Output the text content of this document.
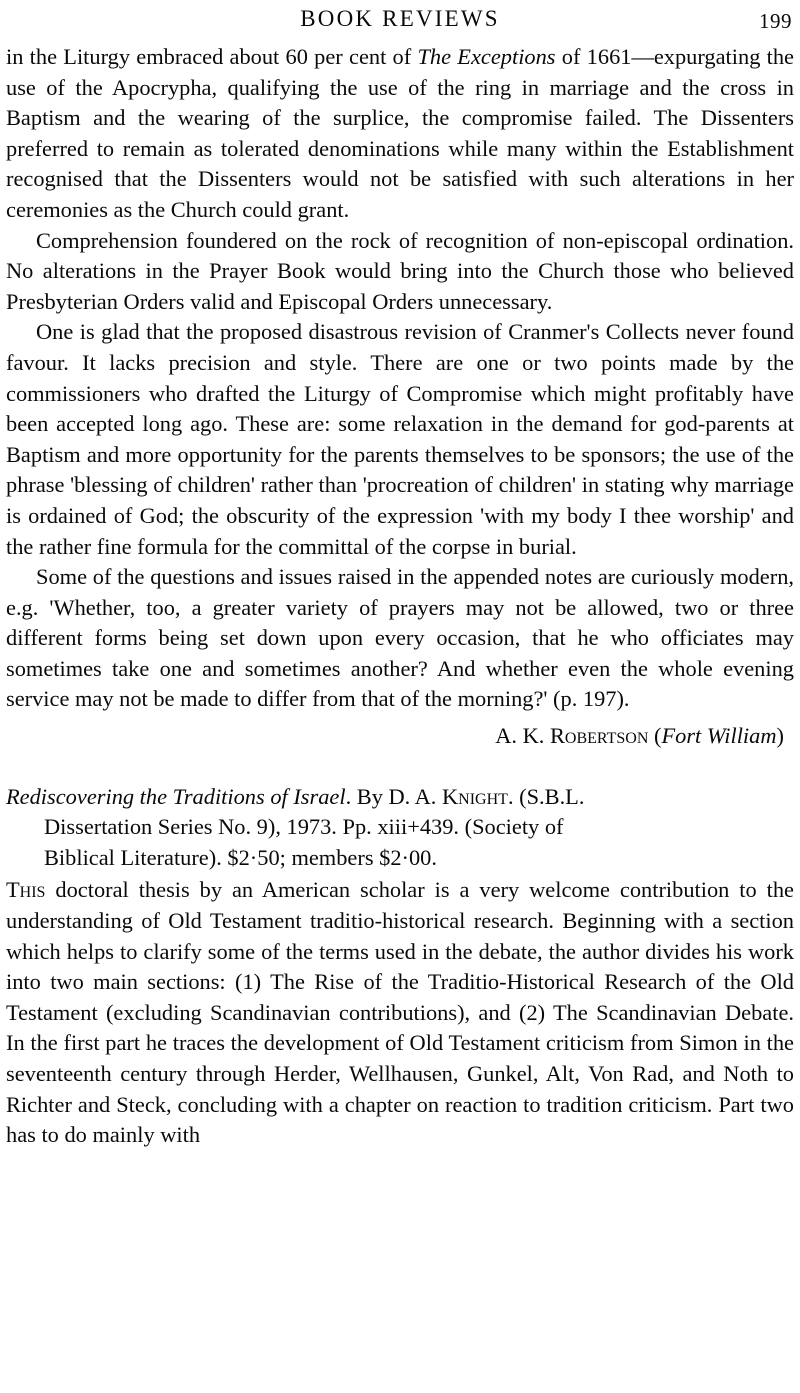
BOOK REVIEWS	199

in the Liturgy embraced about 60 per cent of The Exceptions of 1661—expurgating the use of the Apocrypha, qualifying the use of the ring in marriage and the cross in Baptism and the wearing of the surplice, the compromise failed. The Dissenters preferred to remain as tolerated denominations while many within the Establishment recognised that the Dissenters would not be satisfied with such alterations in her ceremonies as the Church could grant.

Comprehension foundered on the rock of recognition of non-episcopal ordination. No alterations in the Prayer Book would bring into the Church those who believed Presbyterian Orders valid and Episcopal Orders unnecessary.

One is glad that the proposed disastrous revision of Cranmer's Collects never found favour. It lacks precision and style. There are one or two points made by the commissioners who drafted the Liturgy of Compromise which might profitably have been accepted long ago. These are: some relaxation in the demand for god-parents at Baptism and more opportunity for the parents themselves to be sponsors; the use of the phrase 'blessing of children' rather than 'procreation of children' in stating why marriage is ordained of God; the obscurity of the expression 'with my body I thee worship' and the rather fine formula for the committal of the corpse in burial.

Some of the questions and issues raised in the appended notes are curiously modern, e.g. 'Whether, too, a greater variety of prayers may not be allowed, two or three different forms being set down upon every occasion, that he who officiates may sometimes take one and sometimes another? And whether even the whole evening service may not be made to differ from that of the morning?' (p. 197).

A. K. Robertson (Fort William)

Rediscovering the Traditions of Israel. By D. A. Knight. (S.B.L.

Dissertation Series No. 9), 1973. Pp. xiii+439. (Society of

Biblical Literature). $2·50; members $2·00.

This doctoral thesis by an American scholar is a very welcome contribution to the understanding of Old Testament traditio-historical research. Beginning with a section which helps to clarify some of the terms used in the debate, the author divides his work into two main sections: (1) The Rise of the Traditio-Historical Research of the Old Testament (excluding Scandinavian contributions), and (2) The Scandinavian Debate. In the first part he traces the development of Old Testament criticism from Simon in the seventeenth century through Herder, Wellhausen, Gunkel, Alt, Von Rad, and Noth to Richter and Steck, concluding with a chapter on reaction to tradition criticism. Part two has to do mainly with
